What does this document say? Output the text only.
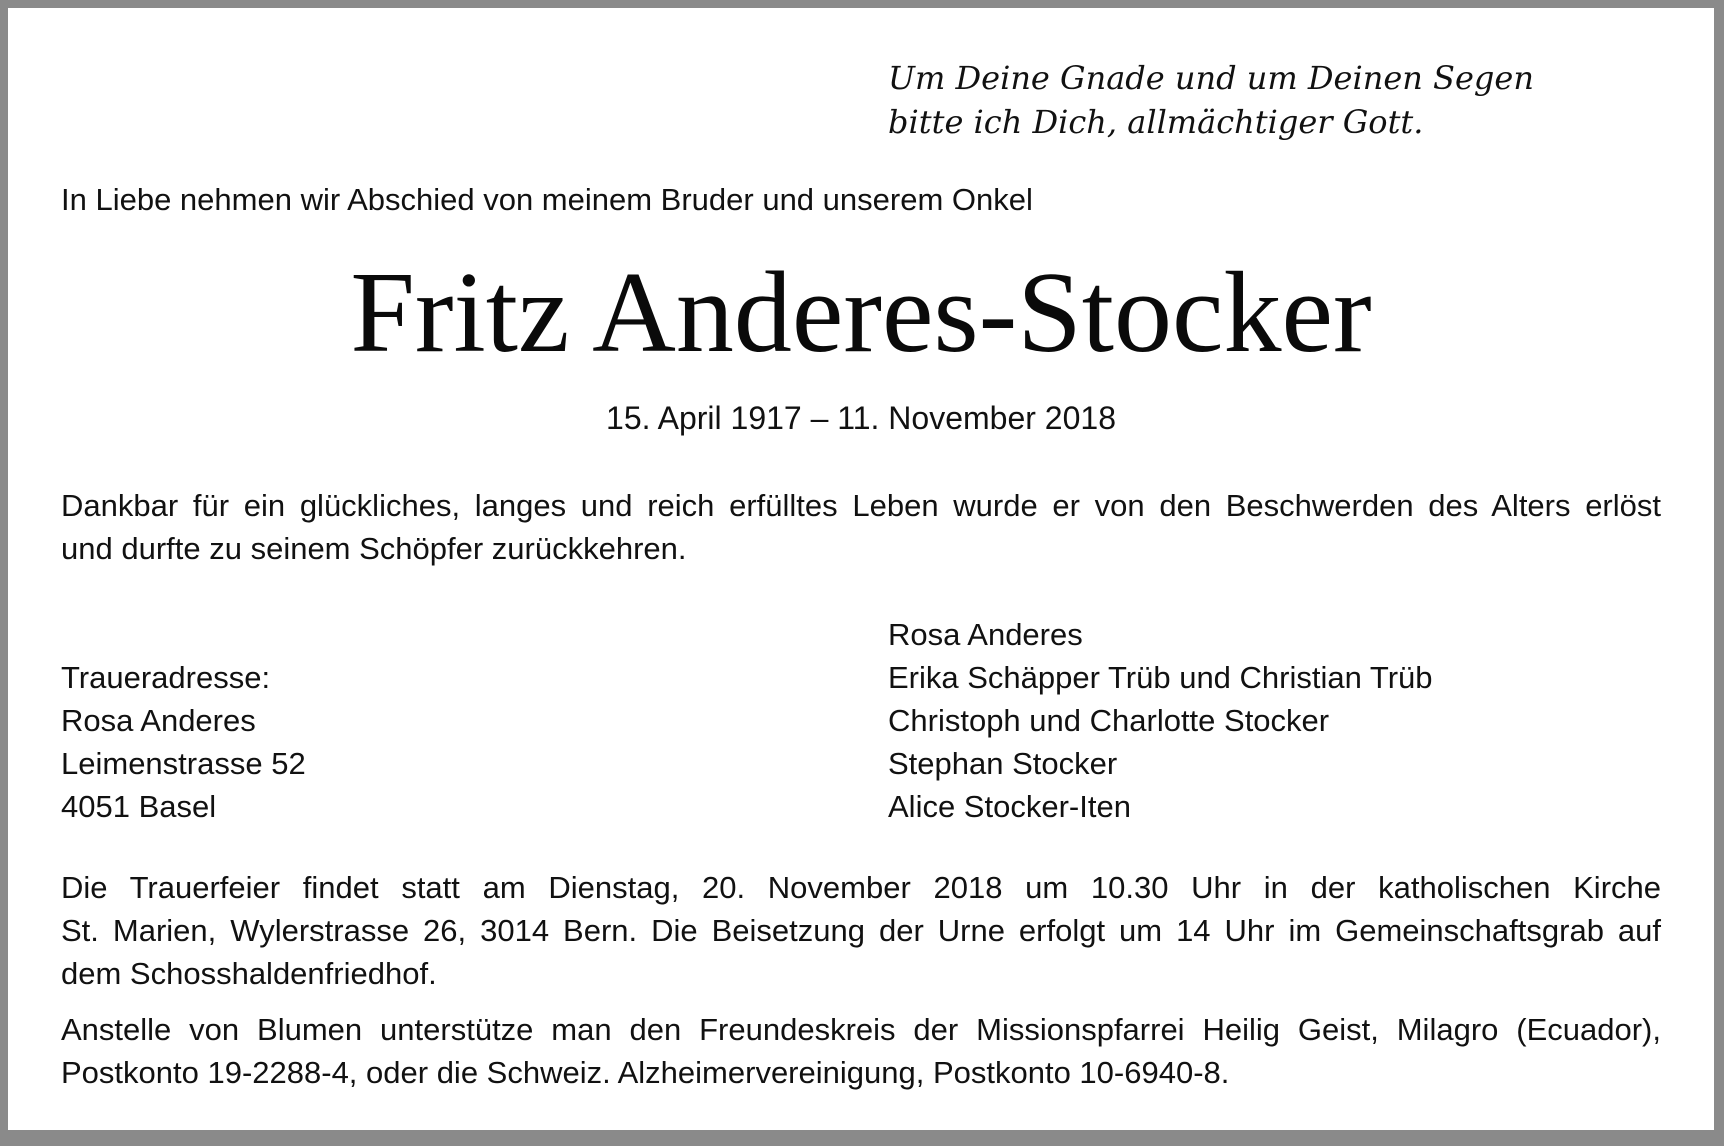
Um Deine Gnade und um Deinen Segen
bitte ich Dich, allmächtiger Gott.
In Liebe nehmen wir Abschied von meinem Bruder und unserem Onkel
Fritz Anderes-Stocker
15. April 1917 – 11. November 2018
Dankbar für ein glückliches, langes und reich erfülltes Leben wurde er von den Beschwerden des Alters erlöst
und durfte zu seinem Schöpfer zurückkehren.
Traueradresse:
Rosa Anderes
Leimenstrasse 52
4051 Basel
Rosa Anderes
Erika Schäpper Trüb und Christian Trüb
Christoph und Charlotte Stocker
Stephan Stocker
Alice Stocker-Iten
Die Trauerfeier findet statt am Dienstag, 20. November 2018 um 10.30 Uhr in der katholischen Kirche
St. Marien, Wylerstrasse 26, 3014 Bern. Die Beisetzung der Urne erfolgt um 14 Uhr im Gemeinschaftsgrab auf
dem Schosshaldenfriedhof.
Anstelle von Blumen unterstütze man den Freundeskreis der Missionspfarrei Heilig Geist, Milagro (Ecuador),
Postkonto 19-2288-4, oder die Schweiz. Alzheimervereinigung, Postkonto 10-6940-8.
